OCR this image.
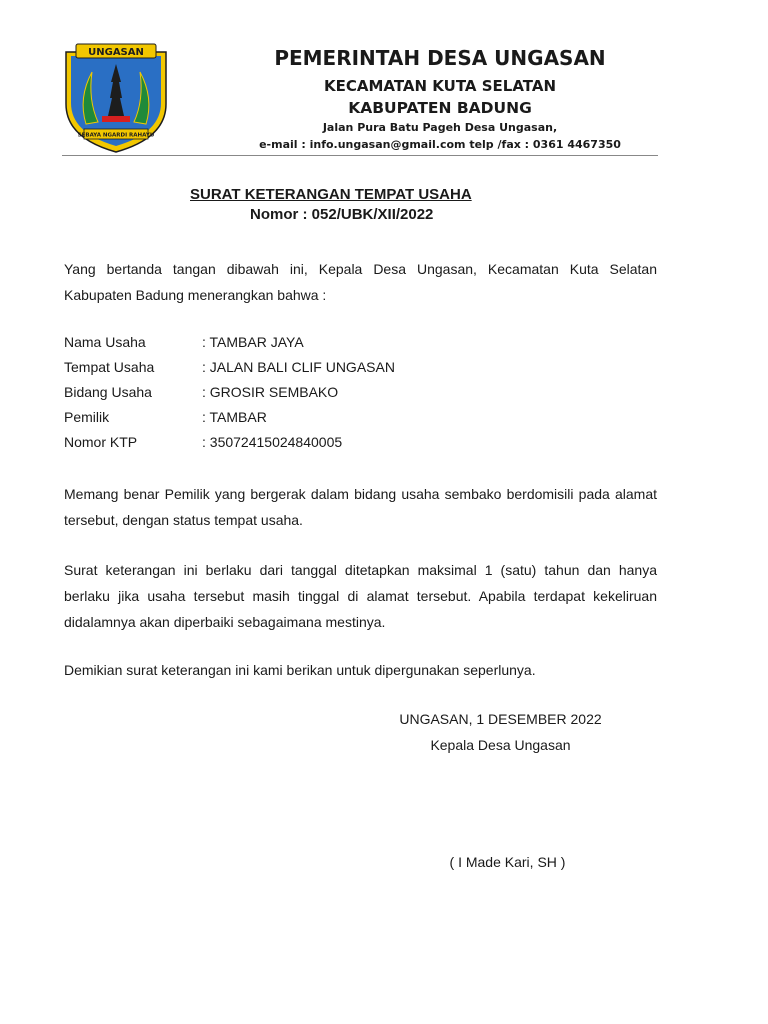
UNGASAN
SEBAYA NGARDI RAHAYU
PEMERINTAH DESA UNGASAN
KECAMATAN KUTA SELATAN
KABUPATEN BADUNG
Jalan Pura Batu Pageh Desa Ungasan,
e-mail : info.ungasan@gmail.com telp /fax : 0361 4467350
SURAT KETERANGAN TEMPAT USAHA
Nomor : 052/UBK/XII/2022
Yang bertanda tangan dibawah ini, Kepala Desa Ungasan, Kecamatan Kuta Selatan Kabupaten Badung menerangkan bahwa :
Nama Usaha	: TAMBAR JAYA
Tempat Usaha	: JALAN BALI CLIF UNGASAN
Bidang Usaha	: GROSIR SEMBAKO
Pemilik	: TAMBAR
Nomor KTP	: 35072415024840005
Memang benar Pemilik yang bergerak dalam bidang usaha sembako berdomisili pada alamat tersebut, dengan status tempat usaha.
Surat keterangan ini berlaku dari tanggal ditetapkan maksimal 1 (satu) tahun dan hanya berlaku jika usaha tersebut masih tinggal di alamat tersebut. Apabila terdapat kekeliruan didalamnya akan diperbaiki sebagaimana mestinya.
Demikian surat keterangan ini kami berikan untuk dipergunakan seperlunya.
UNGASAN, 1 DESEMBER 2022
Kepala Desa Ungasan
( I Made Kari, SH )
